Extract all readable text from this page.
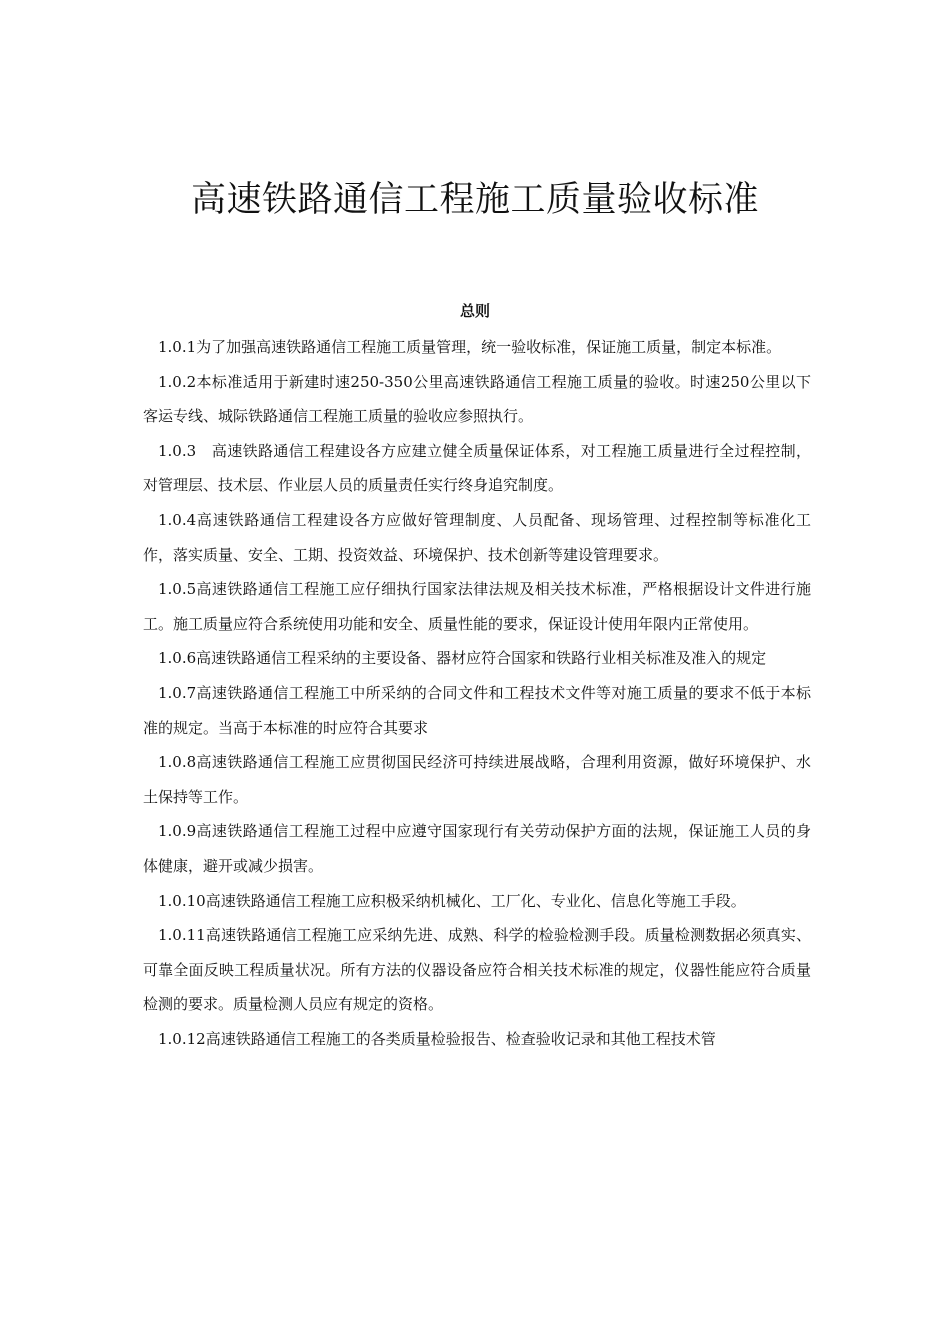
高速铁路通信工程施工质量验收标准
总则

1.0.1为了加强高速铁路通信工程施工质量管理，统一验收标准，保证施工质量，制定本标准。

1.0.2本标准适用于新建时速250-350公里高速铁路通信工程施工质量的验收。时速250公里以下客运专线、城际铁路通信工程施工质量的验收应参照执行。

1.0.3　高速铁路通信工程建设各方应建立健全质量保证体系，对工程施工质量进行全过程控制，对管理层、技术层、作业层人员的质量责任实行终身追究制度。

1.0.4高速铁路通信工程建设各方应做好管理制度、人员配备、现场管理、过程控制等标准化工作，落实质量、安全、工期、投资效益、环境保护、技术创新等建设管理要求。

1.0.5高速铁路通信工程施工应仔细执行国家法律法规及相关技术标准，严格根据设计文件进行施工。施工质量应符合系统使用功能和安全、质量性能的要求，保证设计使用年限内正常使用。

1.0.6高速铁路通信工程采纳的主要设备、器材应符合国家和铁路行业相关标准及准入的规定

1.0.7高速铁路通信工程施工中所采纳的合同文件和工程技术文件等对施工质量的要求不低于本标准的规定。当高于本标准的时应符合其要求

1.0.8高速铁路通信工程施工应贯彻国民经济可持续进展战略，合理利用资源，做好环境保护、水土保持等工作。

1.0.9高速铁路通信工程施工过程中应遵守国家现行有关劳动保护方面的法规，保证施工人员的身体健康，避开或减少损害。

1.0.10高速铁路通信工程施工应积极采纳机械化、工厂化、专业化、信息化等施工手段。

1.0.11高速铁路通信工程施工应采纳先进、成熟、科学的检验检测手段。质量检测数据必须真实、可靠全面反映工程质量状况。所有方法的仪器设备应符合相关技术标准的规定，仪器性能应符合质量检测的要求。质量检测人员应有规定的资格。

1.0.12高速铁路通信工程施工的各类质量检验报告、检查验收记录和其他工程技术管
